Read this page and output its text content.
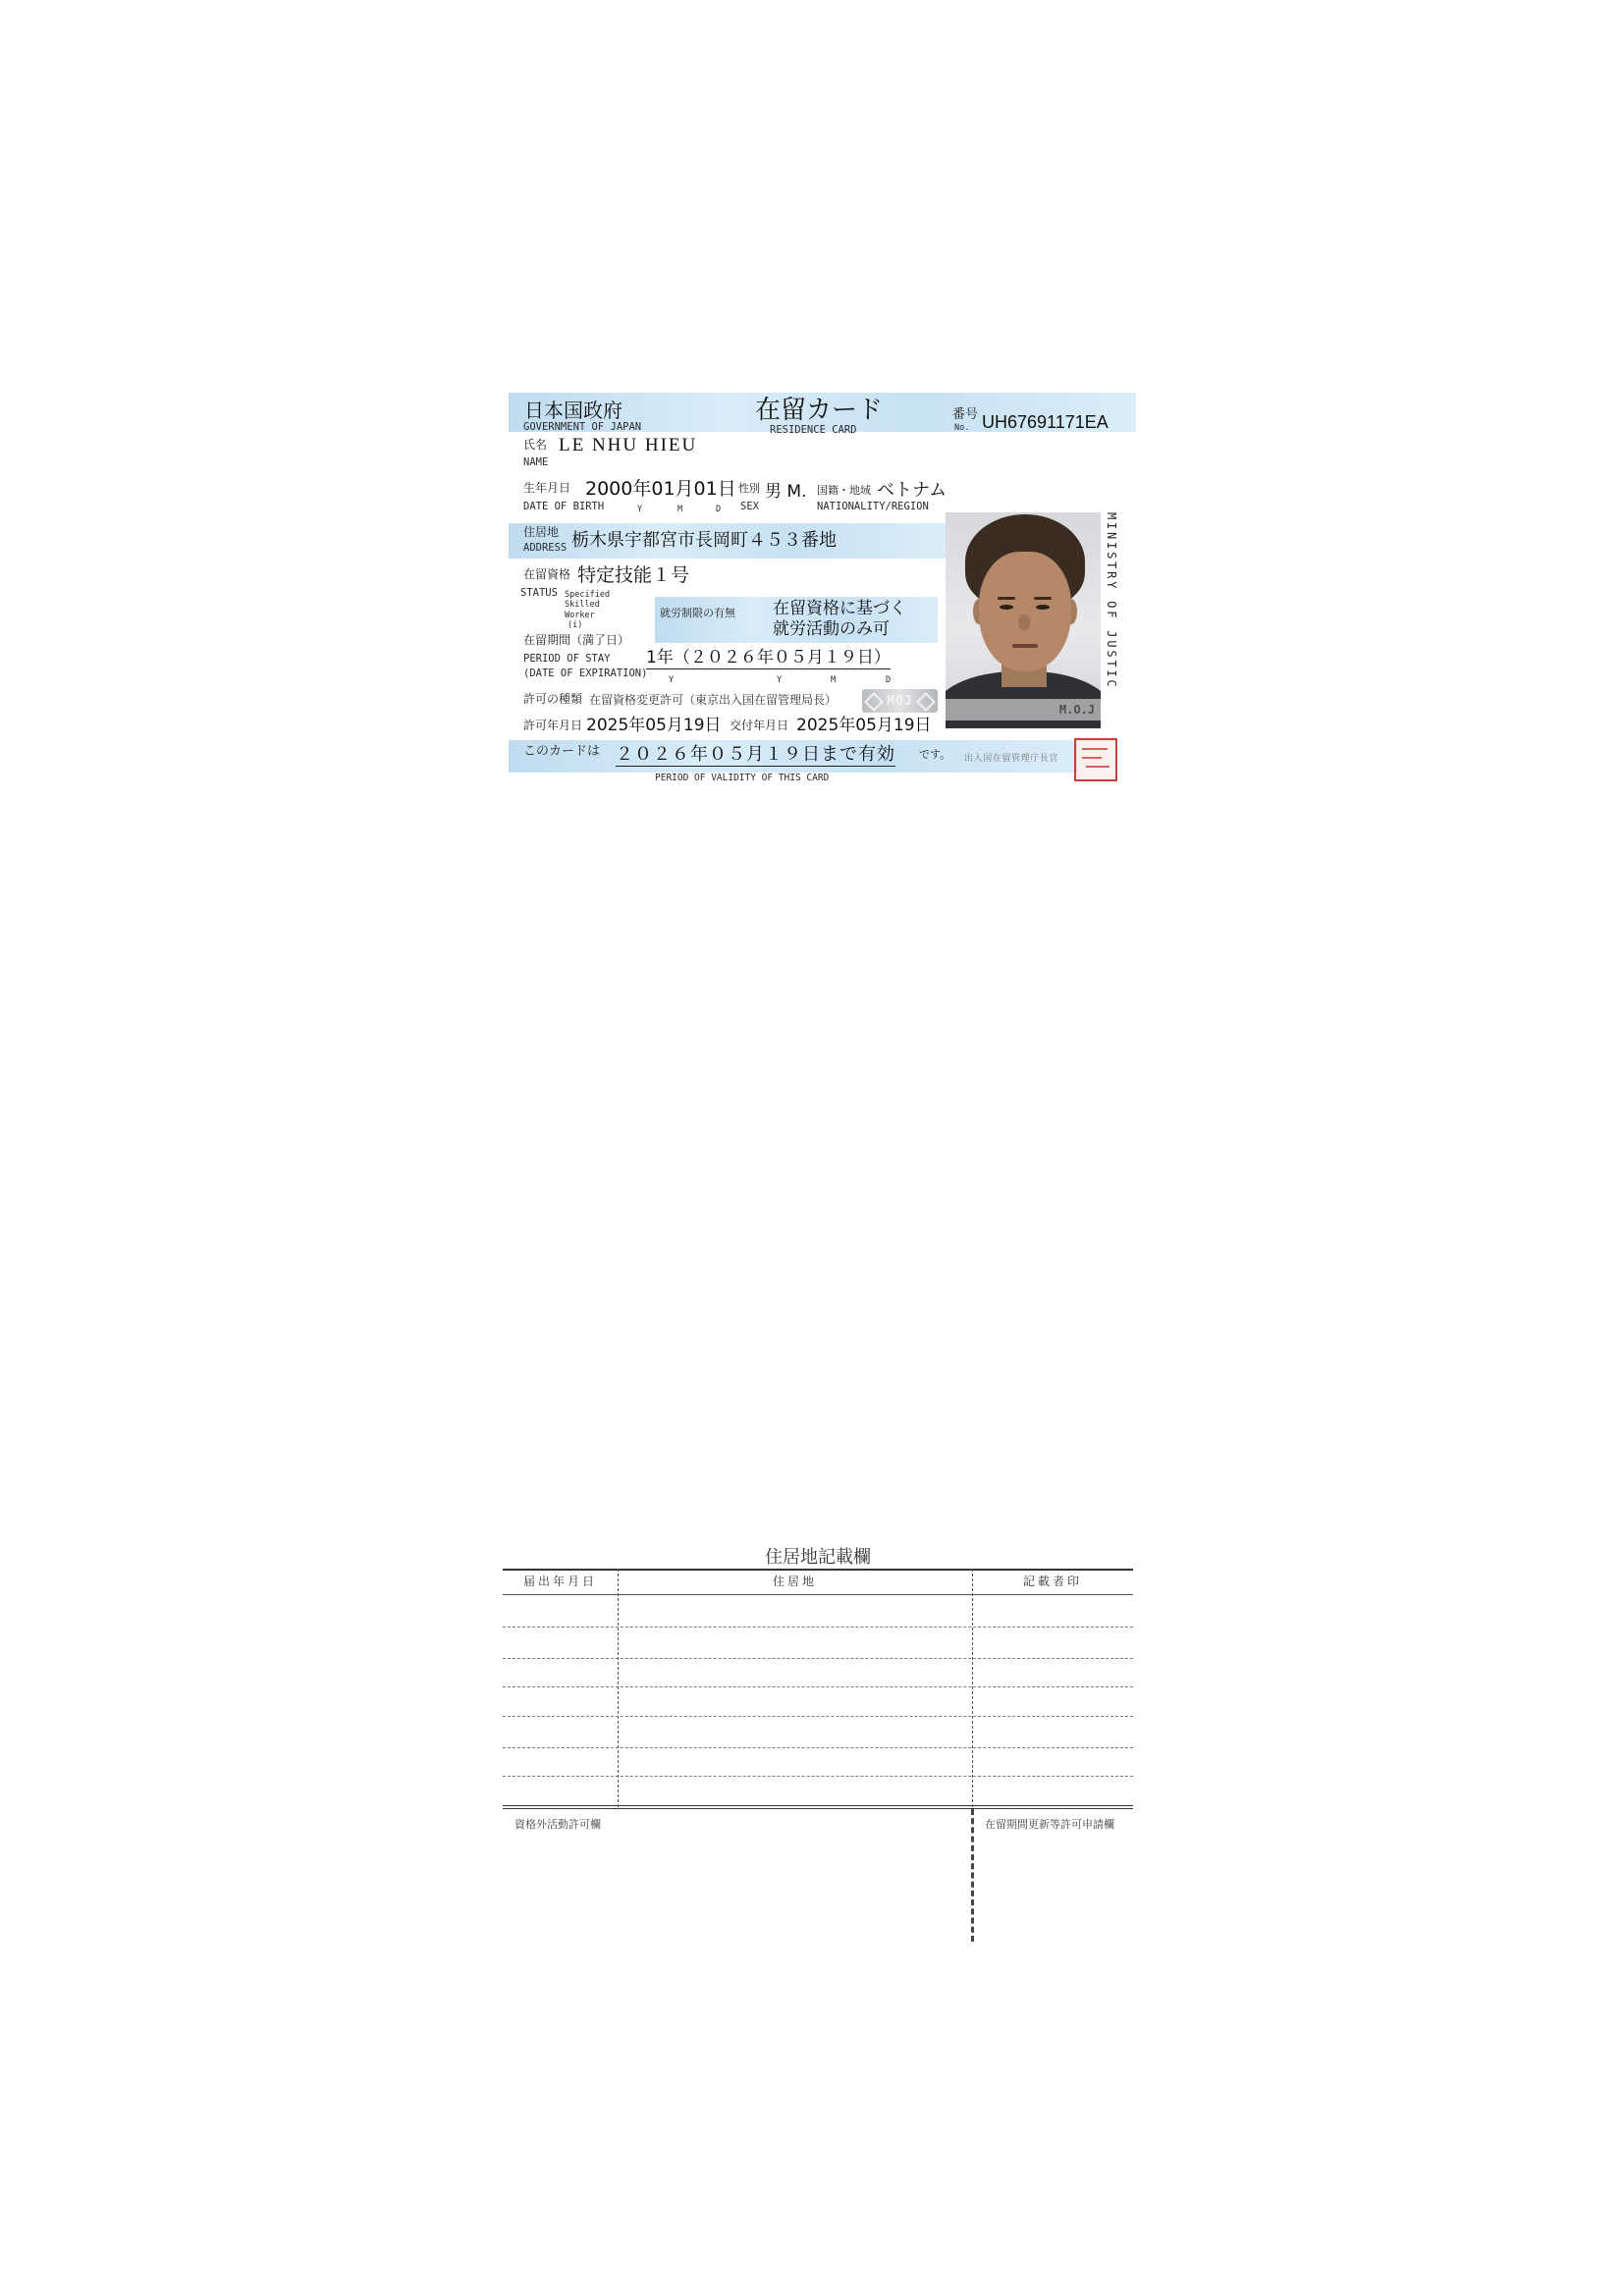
日本国政府
GOVERNMENT OF JAPAN
在留カード
RESIDENCE CARD
番号
No. UH67691171EA
氏名
NAME
LE NHU HIEU
生年月日
DATE OF BIRTH
2000年01月01日
Y	M	D
性別
SEX
男 M. 国籍・地域
NATIONALITY/REGION
ベトナム
住居地
ADDRESS 栃木県宇都宮市長岡町４５３番地
在留資格 特定技能１号
STATUS Specified
Skilled
Worker
(i)
就労制限の有無 在留資格に基づく
就労活動のみ可
在留期間（満了日）
PERIOD OF STAY
(DATE OF EXPIRATION)
1年（２０２６年０５月１９日）
Y	Y	M	D
許可の種類 在留資格変更許可（東京出入国在留管理局長）	MOJ
許可年月日 2025年05月19日 交付年月日 2025年05月19日
このカードは ２０２６年０５月１９日まで有効 です。
PERIOD OF VALIDITY OF THIS CARD
出入国在留管理庁長官
M.O.J
MINISTRY OF JUSTIC
住居地記載欄
届出年月日	住居地	記載者印
資格外活動許可欄	在留期間更新等許可申請欄
